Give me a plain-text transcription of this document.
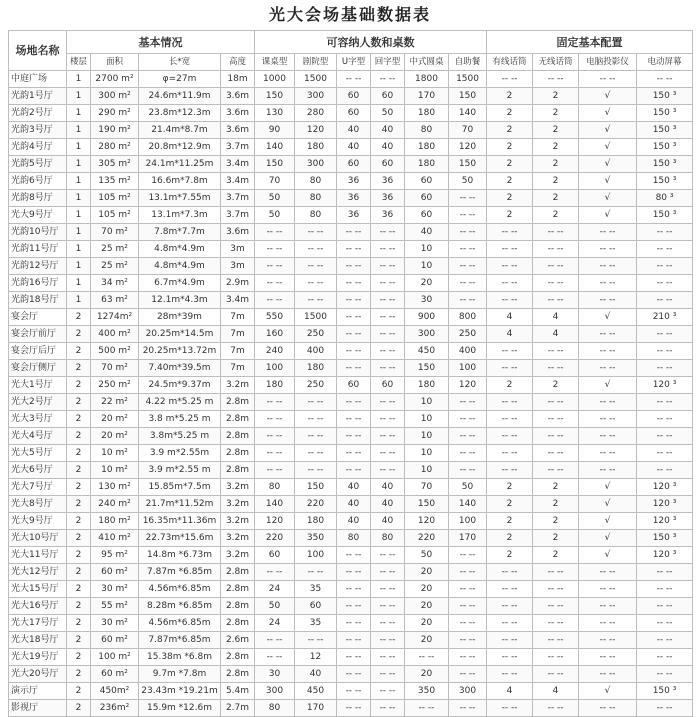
光大会场基础数据表
场地名称	基本情况				可容纳人数和桌数						固定基本配置			
	楼层	面积	长*宽	高度	课桌型	剧院型	U字型	回字型	中式圆桌	自助餐	有线话筒	无线话筒	电脑投影仪	电动屏幕
中庭广场	1	2700 m²	φ=27m	18m	1000	1500	-- --	-- --	1800	1500	-- --	-- --	-- --	-- --
光韵1号厅	1	300 m²	24.6m*11.9m	3.6m	150	300	60	60	170	150	2	2	√	150 ³
光韵2号厅	1	290 m²	23.8m*12.3m	3.6m	130	280	60	50	180	140	2	2	√	150 ³
光韵3号厅	1	190 m²	21.4m*8.7m	3.6m	90	120	40	40	80	70	2	2	√	150 ³
光韵4号厅	1	280 m²	20.8m*12.9m	3.7m	140	180	40	40	180	120	2	2	√	150 ³
光韵5号厅	1	305 m²	24.1m*11.25m	3.4m	150	300	60	60	180	150	2	2	√	150 ³
光韵6号厅	1	135 m²	16.6m*7.8m	3.4m	70	80	36	36	60	50	2	2	√	150 ³
光韵8号厅	1	105 m²	13.1m*7.55m	3.7m	50	80	36	36	60	-- --	2	2	√	80 ³
光大9号厅	1	105 m²	13.1m*7.3m	3.7m	50	80	36	36	60	-- --	2	2	√	150 ³
光韵10号厅	1	70 m²	7.8m*7.7m	3.6m	-- --	-- --	-- --	-- --	40	-- --	-- --	-- --	-- --	-- --
光韵11号厅	1	25 m²	4.8m*4.9m	3m	-- --	-- --	-- --	-- --	10	-- --	-- --	-- --	-- --	-- --
光韵12号厅	1	25 m²	4.8m*4.9m	3m	-- --	-- --	-- --	-- --	10	-- --	-- --	-- --	-- --	-- --
光韵16号厅	1	34 m²	6.7m*4.9m	2.9m	-- --	-- --	-- --	-- --	20	-- --	-- --	-- --	-- --	-- --
光韵18号厅	1	63 m²	12.1m*4.3m	3.4m	-- --	-- --	-- --	-- --	30	-- --	-- --	-- --	-- --	-- --
宴会厅	2	1274m²	28m*39m	7m	550	1500	-- --	-- --	900	800	4	4	√	210 ³
宴会厅前厅	2	400 m²	20.25m*14.5m	7m	160	250	-- --	-- --	300	250	4	4	-- --	-- --
宴会厅后厅	2	500 m²	20.25m*13.72m	7m	240	400	-- --	-- --	450	400	-- --	-- --	-- --	-- --
宴会厅侧厅	2	70 m²	7.40m*39.5m	7m	100	180	-- --	-- --	150	100	-- --	-- --	-- --	-- --
光大1号厅	2	250 m²	24.5m*9.37m	3.2m	180	250	60	60	180	120	2	2	√	120 ³
光大2号厅	2	22 m²	4.22 m*5.25 m	2.8m	-- --	-- --	-- --	-- --	10	-- --	-- --	-- --	-- --	-- --
光大3号厅	2	20 m²	3.8 m*5.25 m	2.8m	-- --	-- --	-- --	-- --	10	-- --	-- --	-- --	-- --	-- --
光大4号厅	2	20 m²	3.8m*5.25 m	2.8m	-- --	-- --	-- --	-- --	10	-- --	-- --	-- --	-- --	-- --
光大5号厅	2	10 m²	3.9 m*2.55m	2.8m	-- --	-- --	-- --	-- --	10	-- --	-- --	-- --	-- --	-- --
光大6号厅	2	10 m²	3.9 m*2.55 m	2.8m	-- --	-- --	-- --	-- --	10	-- --	-- --	-- --	-- --	-- --
光大7号厅	2	130 m²	15.85m*7.5m	3.2m	80	150	40	40	70	50	2	2	√	120 ³
光大8号厅	2	240 m²	21.7m*11.52m	3.2m	140	220	40	40	150	140	2	2	√	120 ³
光大9号厅	2	180 m²	16.35m*11.36m	3.2m	120	180	40	40	120	100	2	2	√	120 ³
光大10号厅	2	410 m²	22.73m*15.6m	3.2m	220	350	80	80	220	170	2	2	√	150 ³
光大11号厅	2	95 m²	14.8m *6.73m	3.2m	60	100	-- --	-- --	50	-- --	2	2	√	120 ³
光大12号厅	2	60 m²	7.87m *6.85m	2.8m	-- --	-- --	-- --	-- --	20	-- --	-- --	-- --	-- --	-- --
光大15号厅	2	30 m²	4.56m*6.85m	2.8m	24	35	-- --	-- --	20	-- --	-- --	-- --	-- --	-- --
光大16号厅	2	55 m²	8.28m *6.85m	2.8m	50	60	-- --	-- --	20	-- --	-- --	-- --	-- --	-- --
光大17号厅	2	30 m²	4.56m*6.85m	2.8m	24	35	-- --	-- --	20	-- --	-- --	-- --	-- --	-- --
光大18号厅	2	60 m²	7.87m*6.85m	2.6m	-- --	-- --	-- --	-- --	20	-- --	-- --	-- --	-- --	-- --
光大19号厅	2	100 m²	15.38m *6.8m	2.8m	-- --	12	-- --	-- --	-- --	-- --	-- --	-- --	-- --	-- --
光大20号厅	2	60 m²	9.7m *7.8m	2.8m	30	40	-- --	-- --	20	-- --	-- --	-- --	-- --	-- --
演示厅	2	450m²	23.43m *19.21m	5.4m	300	450	-- --	-- --	350	300	4	4	√	150 ³
影视厅	2	236m²	15.9m *12.6m	2.7m	80	170	-- --	-- --	-- --	-- --	-- --	-- --	-- --	-- --
